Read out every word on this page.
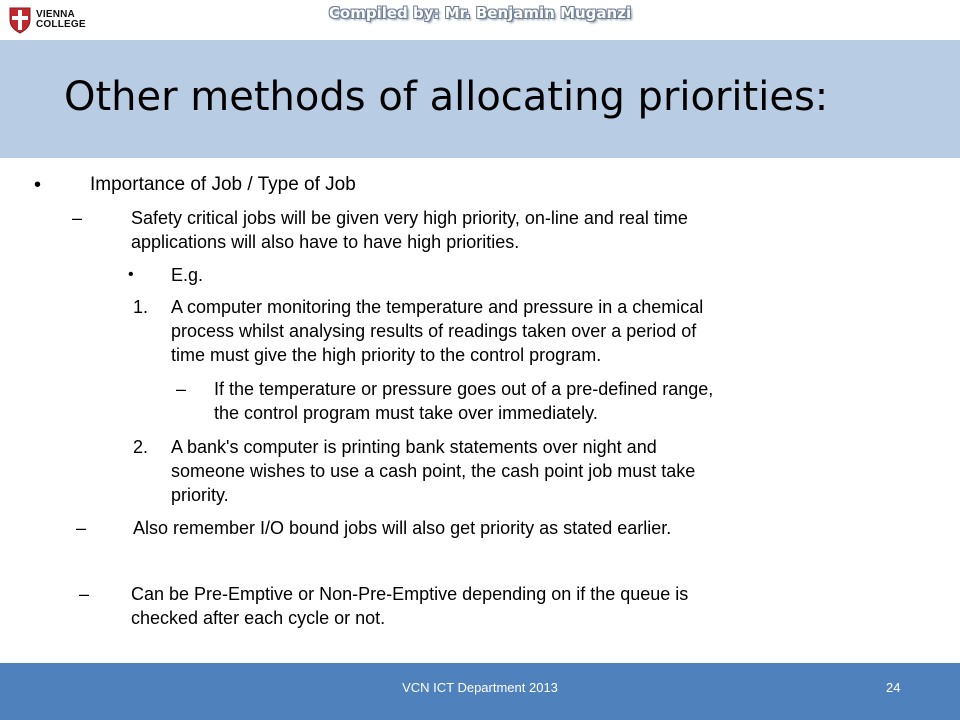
VIENNA
COLLEGE
Compiled by: Mr. Benjamin Muganzi
Other methods of allocating priorities:
•	Importance of Job / Type of Job
–	Safety critical jobs will be given very high priority, on-line and real time
applications will also have to have high priorities.
• E.g.
1. A computer monitoring the temperature and pressure in a chemical
process whilst analysing results of readings taken over a period of
time must give the high priority to the control program.
– If the temperature or pressure goes out of a pre-defined range,
the control program must take over immediately.
2. A bank's computer is printing bank statements over night and
someone wishes to use a cash point, the cash point job must take
priority.
–	Also remember I/O bound jobs will also get priority as stated earlier.
– Can be Pre-Emptive or Non-Pre-Emptive depending on if the queue is
checked after each cycle or not.
VCN ICT Department 2013	24
